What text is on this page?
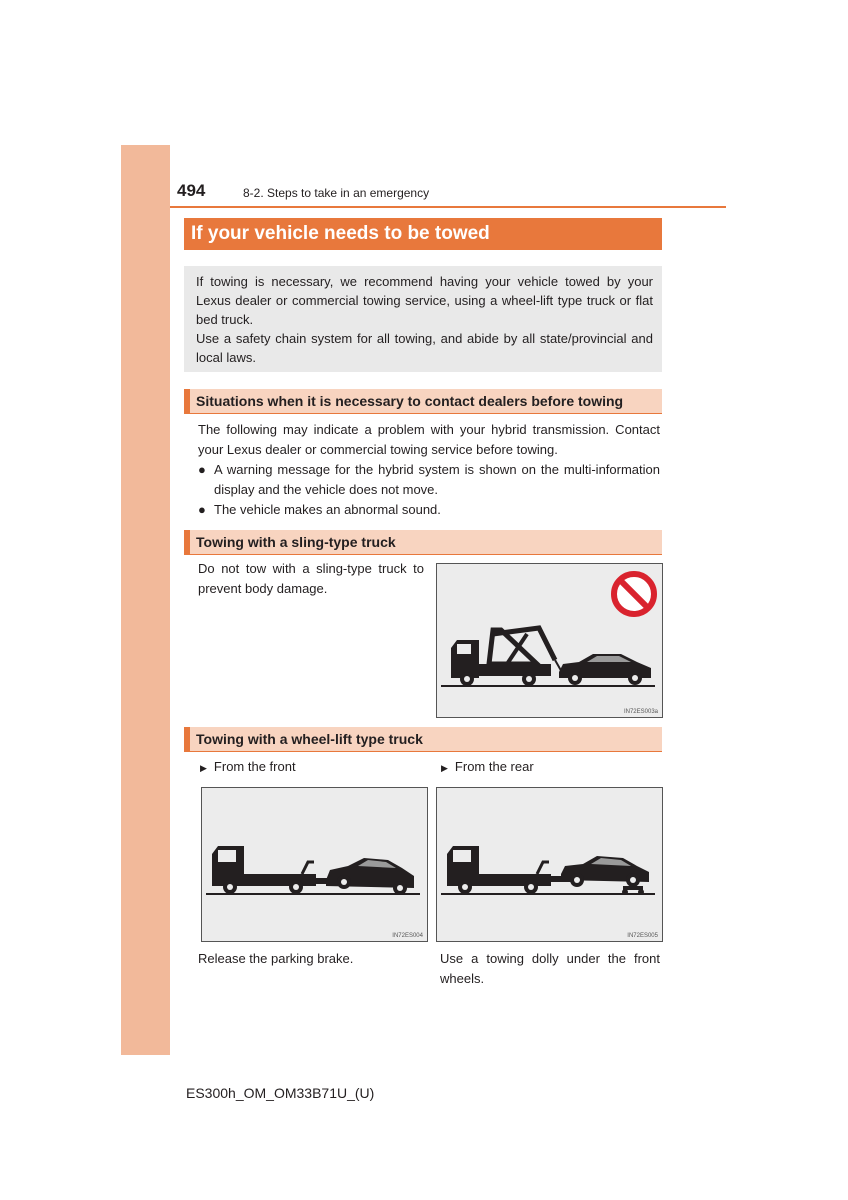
494	8-2. Steps to take in an emergency
If your vehicle needs to be towed

If towing is necessary, we recommend having your vehicle towed by your Lexus dealer or commercial towing service, using a wheel-lift type truck or flat bed truck.

Use a safety chain system for all towing, and abide by all state/provincial and local laws.

Situations when it is necessary to contact dealers before towing

The following may indicate a problem with your hybrid transmission. Contact your Lexus dealer or commercial towing service before towing.

● A warning message for the hybrid system is shown on the multi-information display and the vehicle does not move.
● The vehicle makes an abnormal sound.
Towing with a sling-type truck

Do not tow with a sling-type truck to prevent body damage.

IN72ES003a
Towing with a wheel-lift type truck
▶ From the front	▶ From the rear
IN72ES004	IN72ES005

Release the parking brake.	Use a towing dolly under the front wheels.

ES300h_OM_OM33B71U_(U)
